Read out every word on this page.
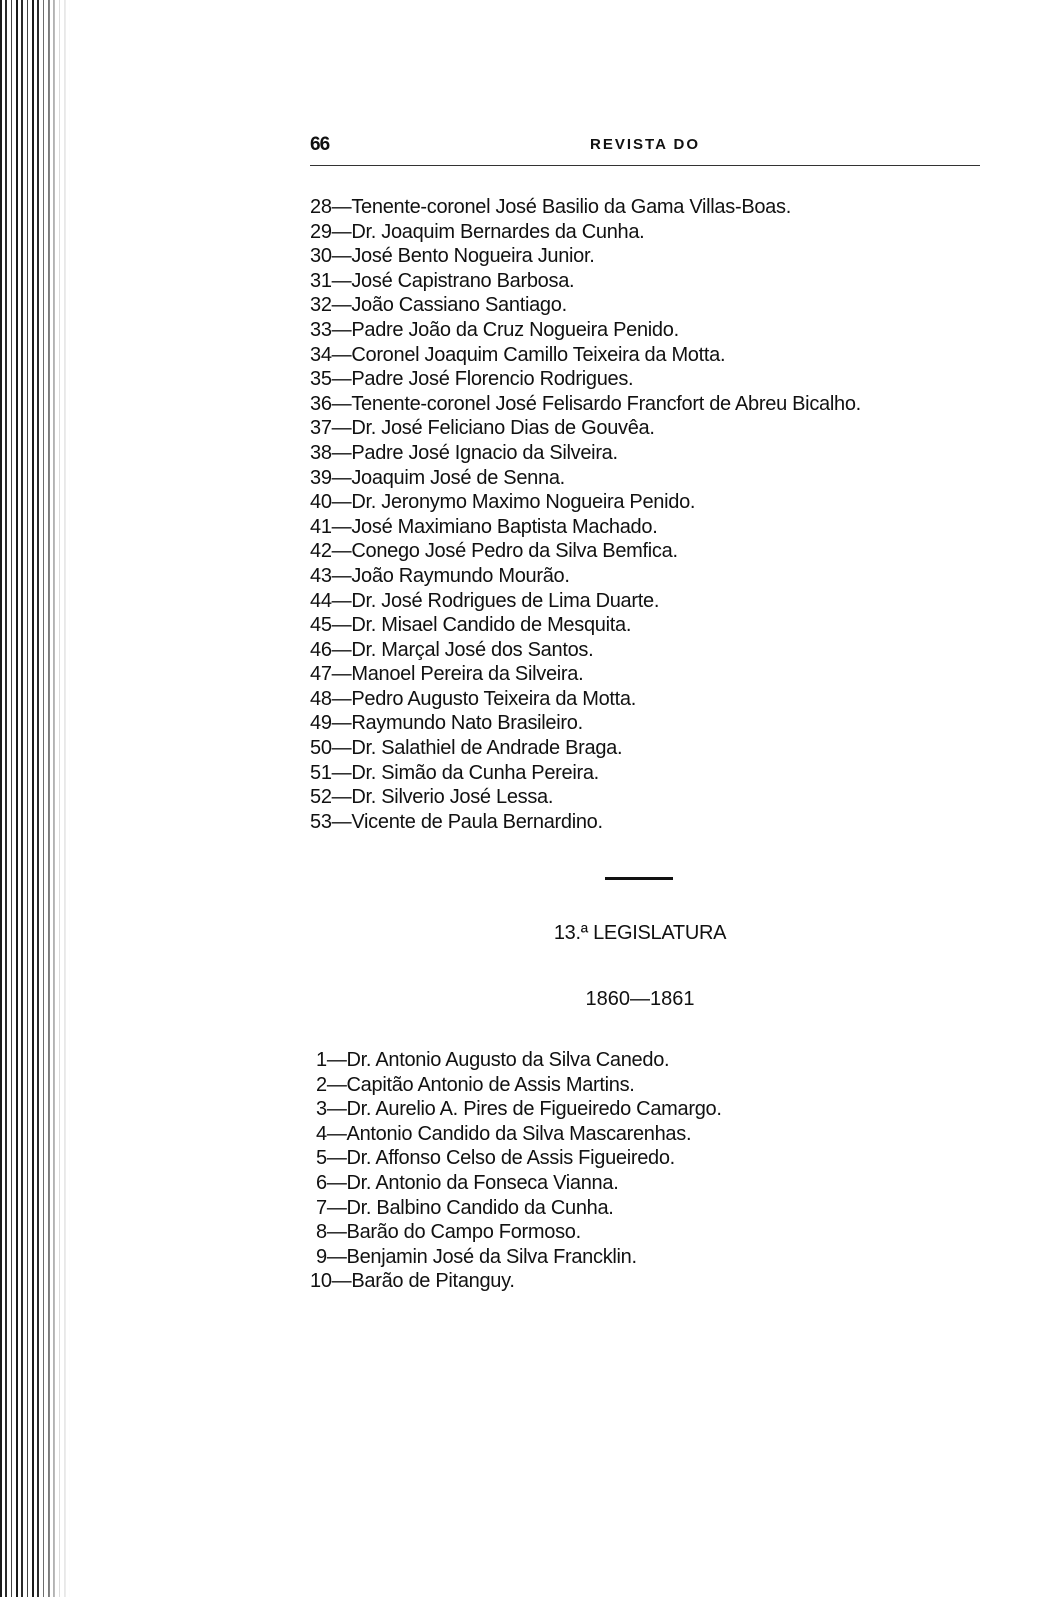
66	REVISTA DO
28—Tenente-coronel José Basilio da Gama Villas-Boas.
29—Dr. Joaquim Bernardes da Cunha.
30—José Bento Nogueira Junior.
31—José Capistrano Barbosa.
32—João Cassiano Santiago.
33—Padre João da Cruz Nogueira Penido.
34—Coronel Joaquim Camillo Teixeira da Motta.
35—Padre José Florencio Rodrigues.
36—Tenente-coronel José Felisardo Francfort de Abreu Bicalho.
37—Dr. José Feliciano Dias de Gouvêa.
38—Padre José Ignacio da Silveira.
39—Joaquim José de Senna.
40—Dr. Jeronymo Maximo Nogueira Penido.
41—José Maximiano Baptista Machado.
42—Conego José Pedro da Silva Bemfica.
43—João Raymundo Mourão.
44—Dr. José Rodrigues de Lima Duarte.
45—Dr. Misael Candido de Mesquita.
46—Dr. Marçal José dos Santos.
47—Manoel Pereira da Silveira.
48—Pedro Augusto Teixeira da Motta.
49—Raymundo Nato Brasileiro.
50—Dr. Salathiel de Andrade Braga.
51—Dr. Simão da Cunha Pereira.
52—Dr. Silverio José Lessa.
53—Vicente de Paula Bernardino.
13.ª LEGISLATURA
1860—1861
1—Dr. Antonio Augusto da Silva Canedo.
2—Capitão Antonio de Assis Martins.
3—Dr. Aurelio A. Pires de Figueiredo Camargo.
4—Antonio Candido da Silva Mascarenhas.
5—Dr. Affonso Celso de Assis Figueiredo.
6—Dr. Antonio da Fonseca Vianna.
7—Dr. Balbino Candido da Cunha.
8—Barão do Campo Formoso.
9—Benjamin José da Silva Francklin.
10—Barão de Pitanguy.
